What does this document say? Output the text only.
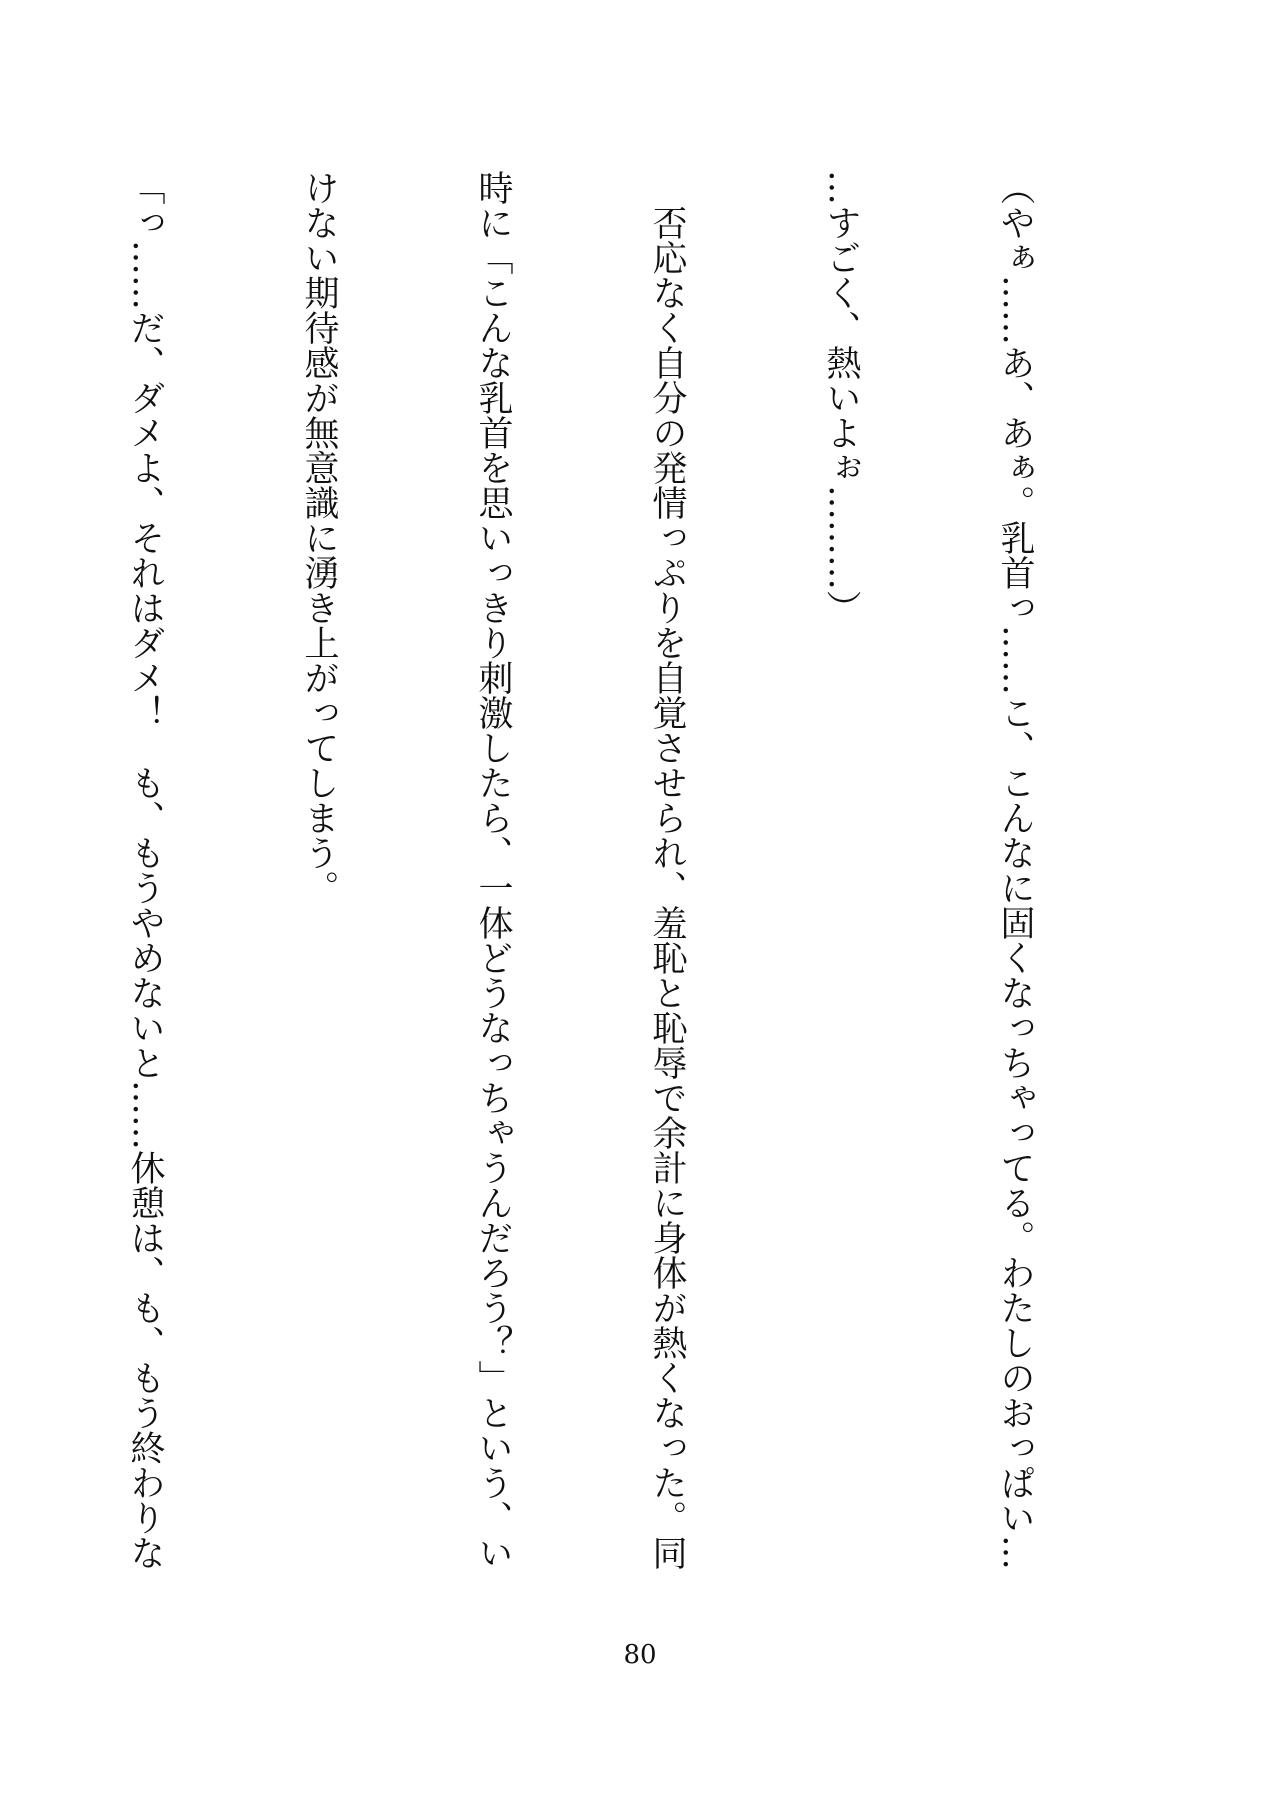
（やぁ……あ、あぁ。乳首っ……こ、こんなに固くなっちゃってる。わたしのおっぱい…

…すごく、熱いよぉ………）

　否応なく自分の発情っぷりを自覚させられ、羞恥と恥辱で余計に身体が熱くなった。同

時に「こんな乳首を思いっきり刺激したら、一体どうなっちゃうんだろう？」という、い

けない期待感が無意識に湧き上がってしまう。

「っ……だ、ダメよ、それはダメ！　も、もうやめないと……休憩は、も、もう終わりな

80
